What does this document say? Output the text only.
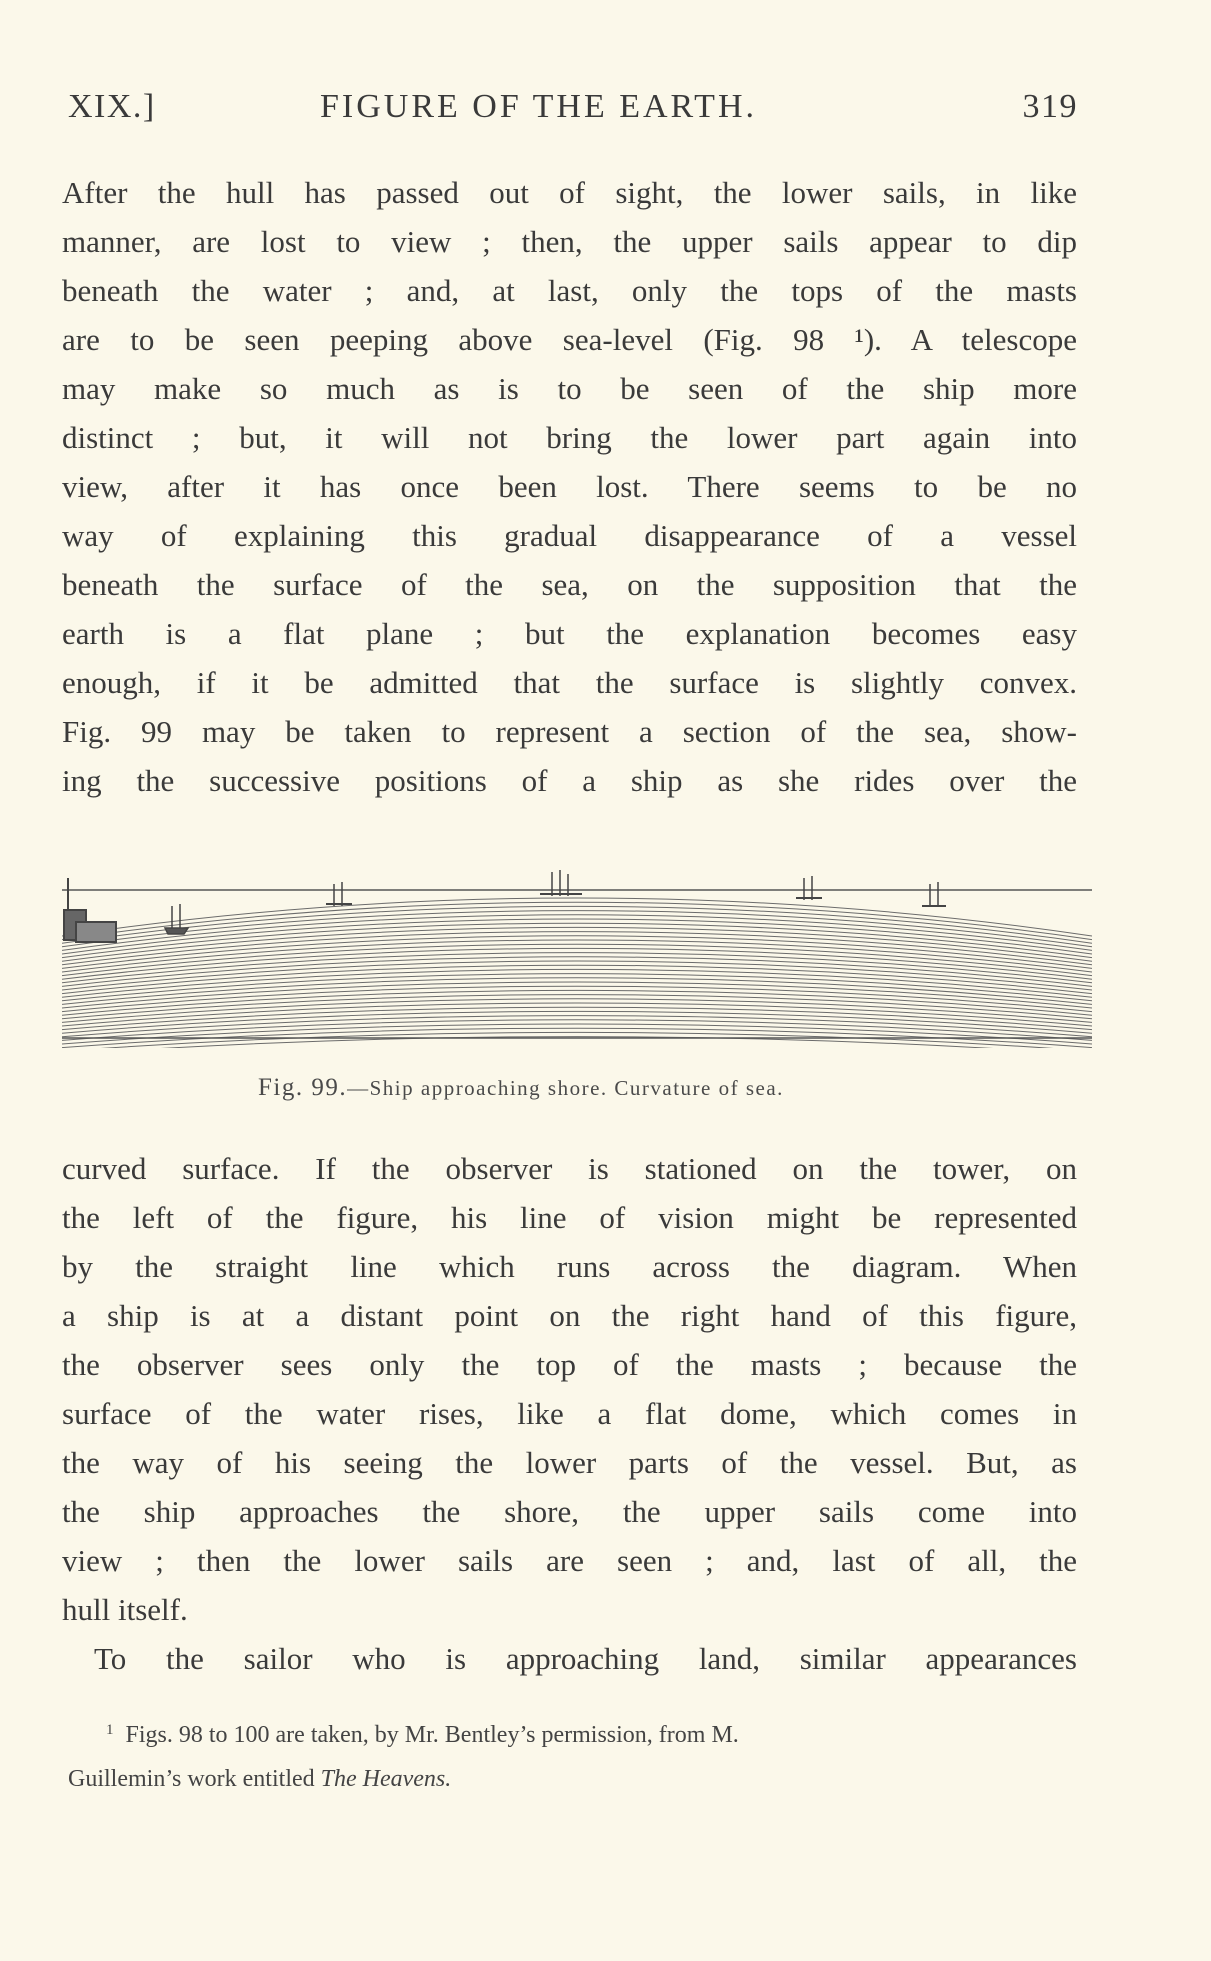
XIX.]	FIGURE OF THE EARTH.	319
After the hull has passed out of sight, the lower sails, in like
manner, are lost to view ; then, the upper sails appear to dip
beneath the water ; and, at last, only the tops of the masts
are to be seen peeping above sea-level (Fig. 98 ¹). A telescope
may make so much as is to be seen of the ship more
distinct ; but, it will not bring the lower part again into
view, after it has once been lost. There seems to be no
way of explaining this gradual disappearance of a vessel
beneath the surface of the sea, on the supposition that the
earth is a flat plane ; but the explanation becomes easy
enough, if it be admitted that the surface is slightly convex.
Fig. 99 may be taken to represent a section of the sea, show-
ing the successive positions of a ship as she rides over the
Fig. 99.—Ship approaching shore. Curvature of sea.
curved surface. If the observer is stationed on the tower, on
the left of the figure, his line of vision might be represented
by the straight line which runs across the diagram. When
a ship is at a distant point on the right hand of this figure,
the observer sees only the top of the masts ; because the
surface of the water rises, like a flat dome, which comes in
the way of his seeing the lower parts of the vessel. But, as
the ship approaches the shore, the upper sails come into
view ; then the lower sails are seen ; and, last of all, the
hull itself.
To the sailor who is approaching land, similar appearances
$^1$ Figs. 98 to 100 are taken, by Mr. Bentley’s permission, from M.
Guillemin’s work entitled The Heavens.
